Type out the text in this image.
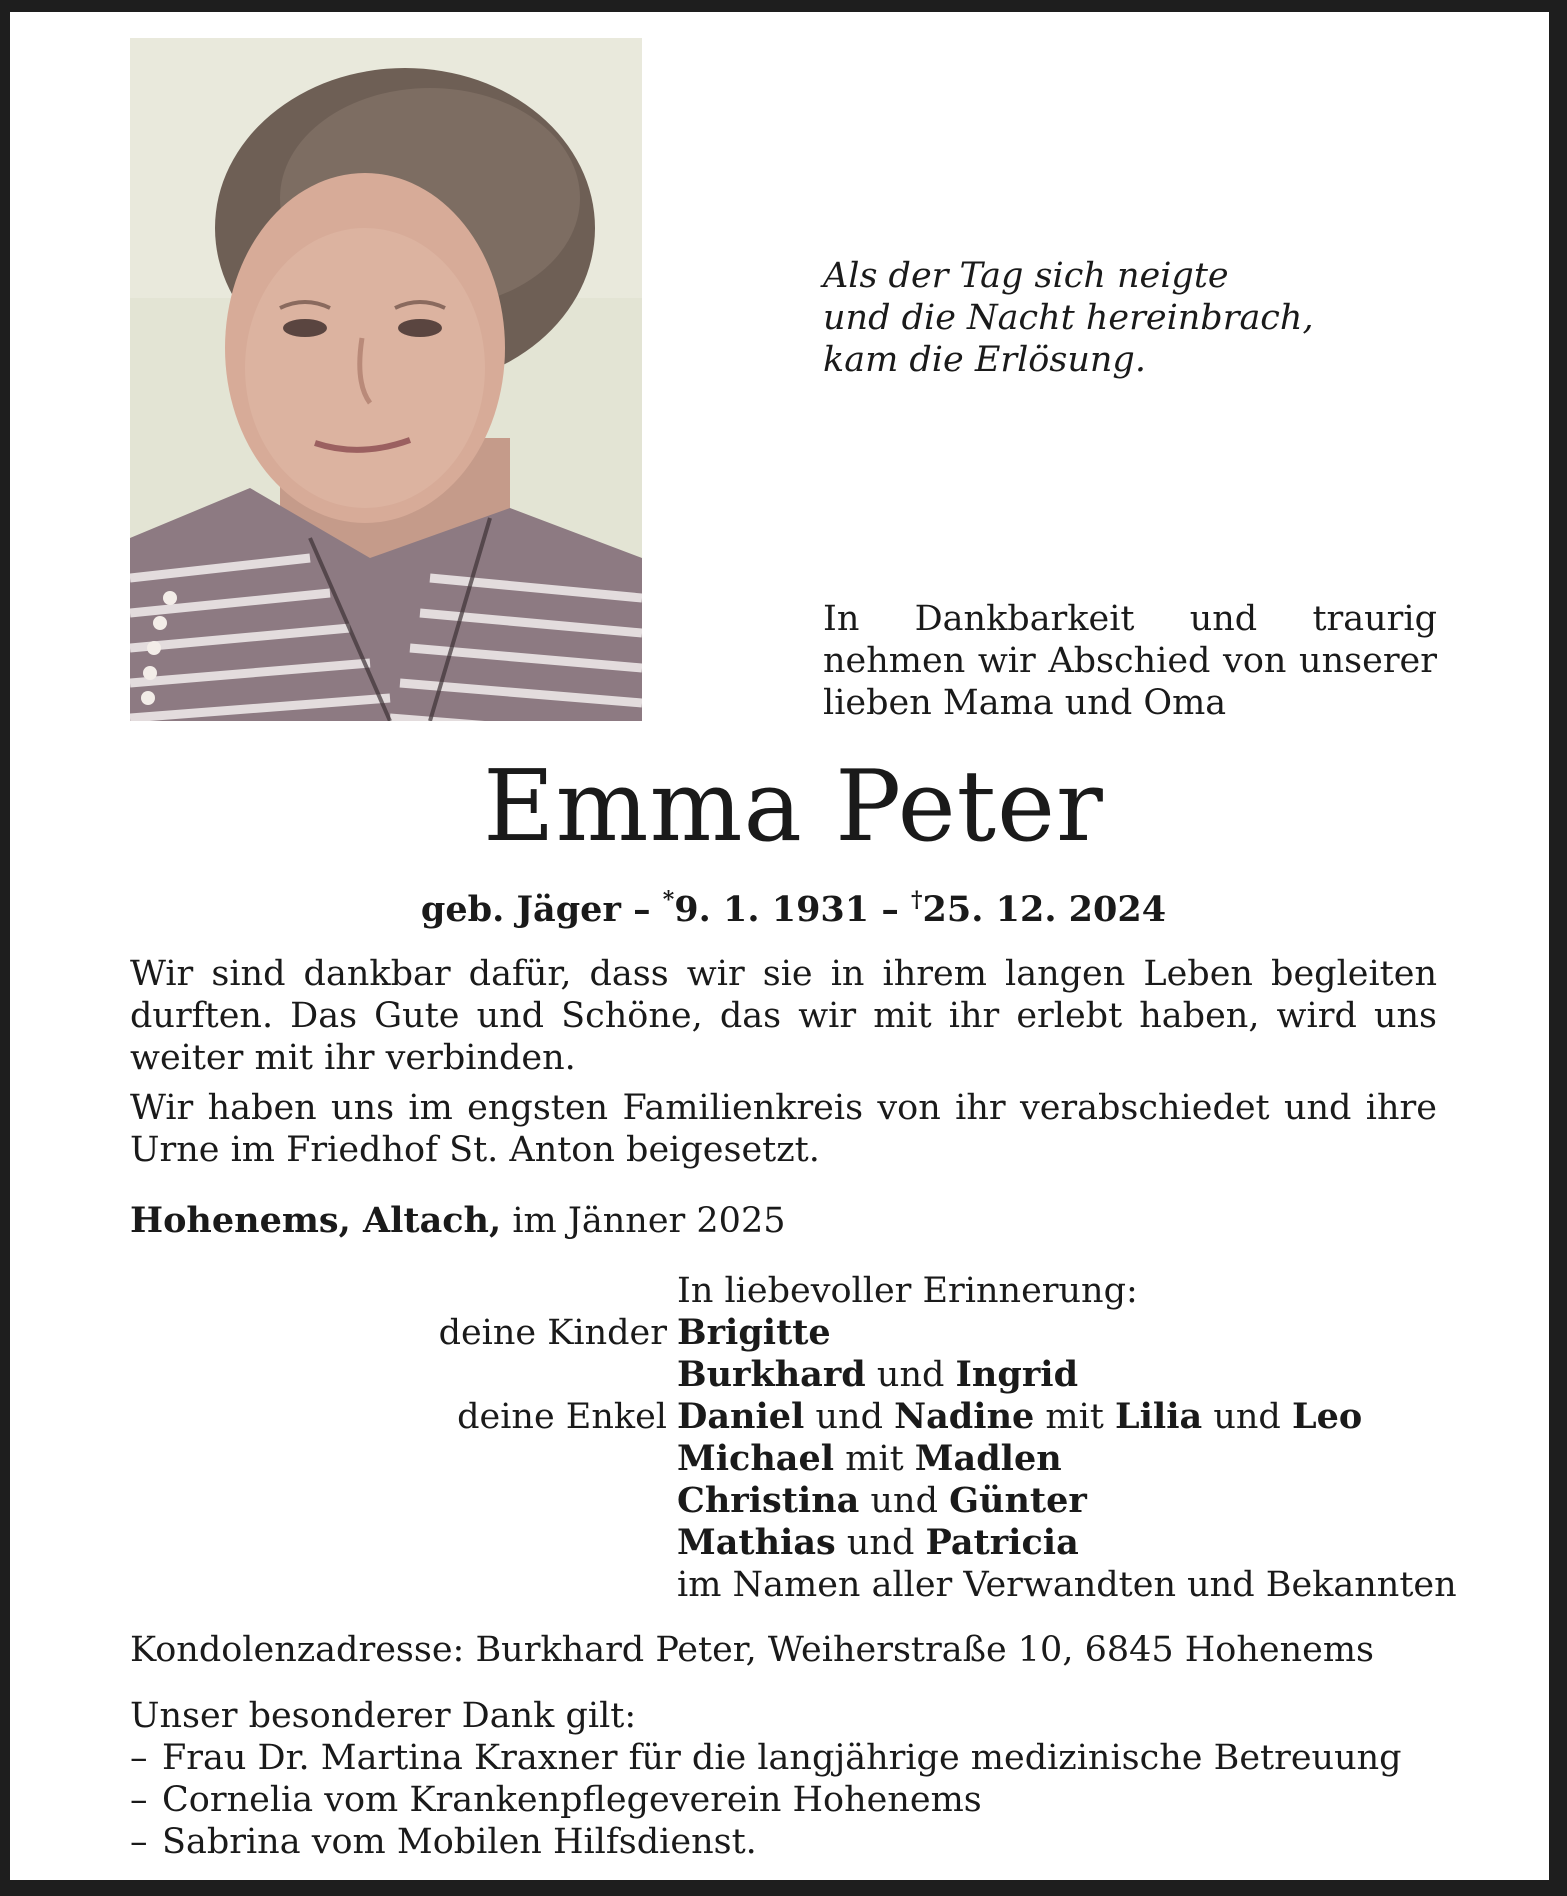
Als der Tag sich neigte
und die Nacht hereinbrach,
kam die Erlösung.
In Dankbarkeit und traurig nehmen wir Abschied von unserer lieben Mama und Oma
Emma Peter
geb. Jäger – *9. 1. 1931 – †25. 12. 2024

Wir sind dankbar dafür, dass wir sie in ihrem langen Leben begleiten durften. Das Gute und Schöne, das wir mit ihr erlebt haben, wird uns weiter mit ihr verbinden.

Wir haben uns im engsten Familienkreis von ihr verabschiedet und ihre Urne im Friedhof St. Anton beigesetzt.

Hohenems, Altach, im Jänner 2025
In liebevoller Erinnerung:
deine Kinder Brigitte
Burkhard und Ingrid
deine Enkel Daniel und Nadine mit Lilia und Leo
Michael mit Madlen
Christina und Günter
Mathias und Patricia
im Namen aller Verwandten und Bekannten
Kondolenzadresse: Burkhard Peter, Weiherstraße 10, 6845 Hohenems
Unser besonderer Dank gilt:
– Frau Dr. Martina Kraxner für die langjährige medizinische Betreuung
– Cornelia vom Krankenpflegeverein Hohenems
– Sabrina vom Mobilen Hilfsdienst.
